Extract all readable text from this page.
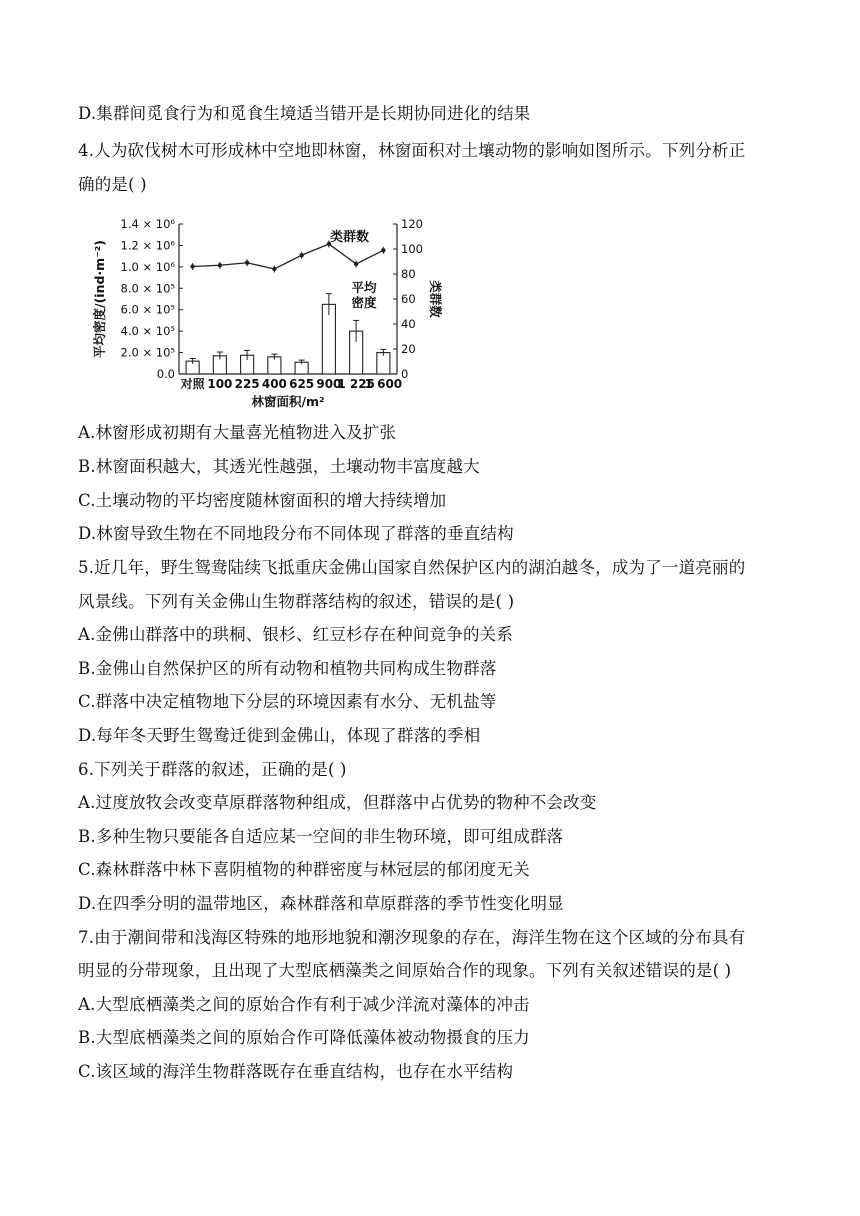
D.集群间觅食行为和觅食生境适当错开是长期协同进化的结果
4.人为砍伐树木可形成林中空地即林窗，林窗面积对土壤动物的影响如图所示。下列分析正
确的是( )
0.0
2.0 × 10⁵
4.0 × 10⁵
6.0 × 10⁵
8.0 × 10⁵
1.0 × 10⁶
1.2 × 10⁶
1.4 × 10⁶
0
20
40
60
80
100
120
对照 100 225 400 625 900
1 225
1 600
类群数
平均
密度
林窗面积/m²
平均密度/(ind·m⁻²)	类群数
A.林窗形成初期有大量喜光植物进入及扩张
B.林窗面积越大，其透光性越强，土壤动物丰富度越大
C.土壤动物的平均密度随林窗面积的增大持续增加
D.林窗导致生物在不同地段分布不同体现了群落的垂直结构
5.近几年，野生鸳鸯陆续飞抵重庆金佛山国家自然保护区内的湖泊越冬，成为了一道亮丽的
风景线。下列有关金佛山生物群落结构的叙述，错误的是( )
A.金佛山群落中的珙桐、银杉、红豆杉存在种间竞争的关系
B.金佛山自然保护区的所有动物和植物共同构成生物群落
C.群落中决定植物地下分层的环境因素有水分、无机盐等
D.每年冬天野生鸳鸯迁徙到金佛山，体现了群落的季相
6.下列关于群落的叙述，正确的是( )
A.过度放牧会改变草原群落物种组成，但群落中占优势的物种不会改变
B.多种生物只要能各自适应某一空间的非生物环境，即可组成群落
C.森林群落中林下喜阴植物的种群密度与林冠层的郁闭度无关
D.在四季分明的温带地区，森林群落和草原群落的季节性变化明显
7.由于潮间带和浅海区特殊的地形地貌和潮汐现象的存在，海洋生物在这个区域的分布具有
明显的分带现象，且出现了大型底栖藻类之间原始合作的现象。下列有关叙述错误的是( )
A.大型底栖藻类之间的原始合作有利于减少洋流对藻体的冲击
B.大型底栖藻类之间的原始合作可降低藻体被动物摄食的压力
C.该区域的海洋生物群落既存在垂直结构，也存在水平结构
